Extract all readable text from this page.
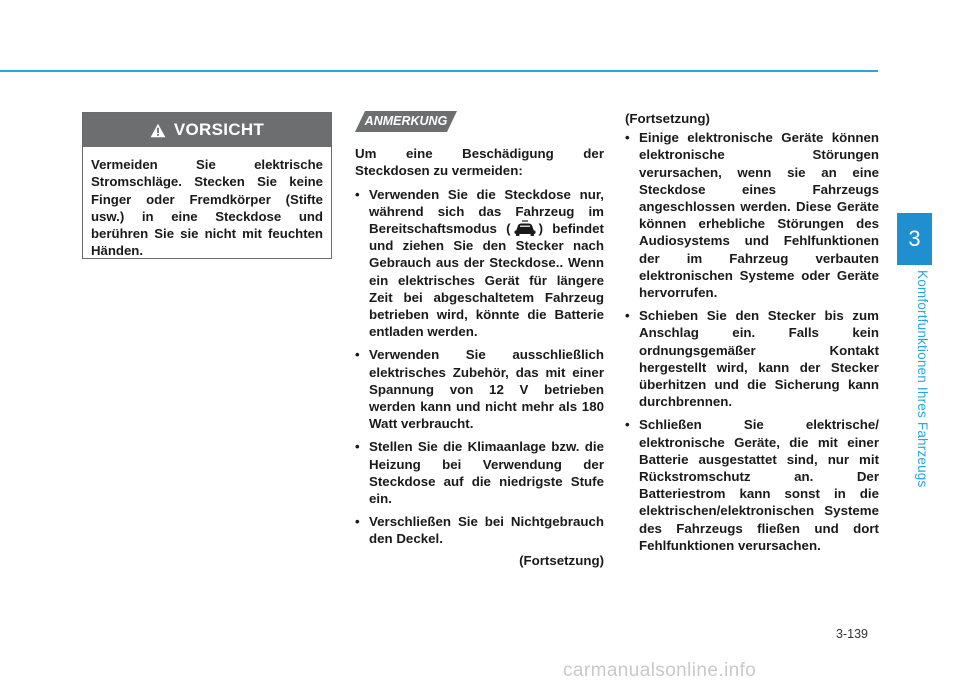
3
Komfortfunktionen Ihres Fahrzeugs
VORSICHT
Vermeiden Sie elektrische Stromschläge. Stecken Sie keine Finger oder Fremdkörper (Stifte usw.) in eine Steckdose und berühren Sie sie nicht mit feuchten Händen.
ANMERKUNG

Um eine Beschädigung der Steckdosen zu vermeiden:

• Verwenden Sie die Steckdose nur, während sich das Fahrzeug im Bereitschaftsmodus ( ) befindet und ziehen Sie den Stecker nach Gebrauch aus der Steckdose.. Wenn ein elektrisches Gerät für längere Zeit bei abgeschaltetem Fahrzeug betrieben wird, könnte die Batterie entladen werden.
• Verwenden Sie ausschließlich elektrisches Zubehör, das mit einer Spannung von 12 V betrieben werden kann und nicht mehr als 180 Watt verbraucht.
• Stellen Sie die Klimaanlage bzw. die Heizung bei Verwendung der Steckdose auf die niedrigste Stufe ein.
• Verschließen Sie bei Nichtgebrauch den Deckel.

(Fortsetzung)

(Fortsetzung)

• Einige elektronische Geräte können elektronische Störungen verursachen, wenn sie an eine Steckdose eines Fahrzeugs angeschlossen werden. Diese Geräte können erhebliche Störungen des Audiosystems und Fehlfunktionen der im Fahrzeug verbauten elektronischen Systeme oder Geräte hervorrufen.
• Schieben Sie den Stecker bis zum Anschlag ein. Falls kein ordnungsgemäßer Kontakt hergestellt wird, kann der Stecker überhitzen und die Sicherung kann durchbrennen.
• Schließen Sie elektrische/ elektronische Geräte, die mit einer Batterie ausgestattet sind, nur mit Rückstromschutz an. Der Batteriestrom kann sonst in die elektrischen/elektronischen Systeme des Fahrzeugs fließen und dort Fehlfunktionen verursachen.
3-139
carmanualsonline.info
